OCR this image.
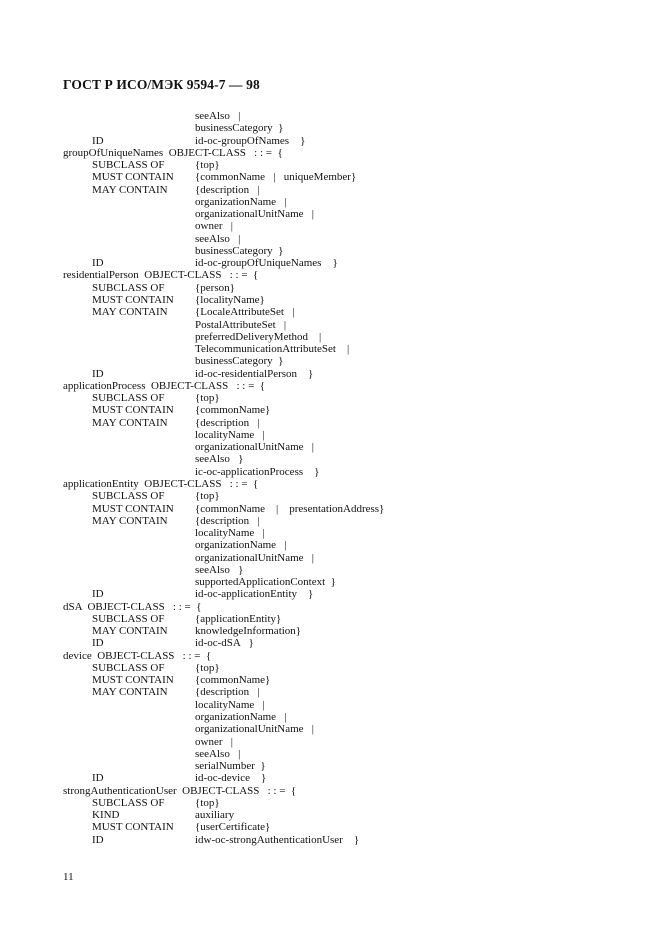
ГОСТ Р ИСО/МЭК 9594-7 — 98
seeAlso   |
businessCategory  }
ID	id-oc-groupOfNames    }
groupOfUniqueNames  OBJECT-CLASS   : : =  {
SUBCLASS OF	{top}
MUST CONTAIN {commonName   |   uniqueMember}
MAY CONTAIN {description   |
organizationName   |
organizationalUnitName   |
owner   |
seeAlso   |
businessCategory  }
ID	id-oc-groupOfUniqueNames    }
residentialPerson  OBJECT-CLASS   : : =  {
SUBCLASS OF	{person}
MUST CONTAIN {localityName}
MAY CONTAIN {LocaleAttributeSet   |
PostalAttributeSet   |
preferredDeliveryMethod    |
TelecommunicationAttributeSet    |
businessCategory  }
ID	id-oc-residentialPerson    }
applicationProcess  OBJECT-CLASS   : : =  {
SUBCLASS OF	{top}
MUST CONTAIN {commonName}
MAY CONTAIN {description   |
localityName   |
organizationalUnitName   |
seeAlso   }
ic-oc-applicationProcess    }
applicationEntity  OBJECT-CLASS   : : =  {
SUBCLASS OF	{top}
MUST CONTAIN {commonName    |    presentationAddress}
MAY CONTAIN {description   |
localityName   |
organizationName   |
organizationalUnitName   |
seeAlso   }
supportedApplicationContext  }
ID	id-oc-applicationEntity    }
dSA  OBJECT-CLASS   : : =  {
SUBCLASS OF	{applicationEntity}
MAY CONTAIN knowledgeInformation}
ID	id-oc-dSA   }
device  OBJECT-CLASS   : : =  {
SUBCLASS OF	{top}
MUST CONTAIN {commonName}
MAY CONTAIN {description   |
localityName   |
organizationName   |
organizationalUnitName   |
owner   |
seeAlso   |
serialNumber  }
ID	id-oc-device    }
strongAuthenticationUser  OBJECT-CLASS   : : =  {
SUBCLASS OF	{top}
KIND	auxiliary
MUST CONTAIN {userCertificate}
ID	idw-oc-strongAuthenticationUser    }
11
